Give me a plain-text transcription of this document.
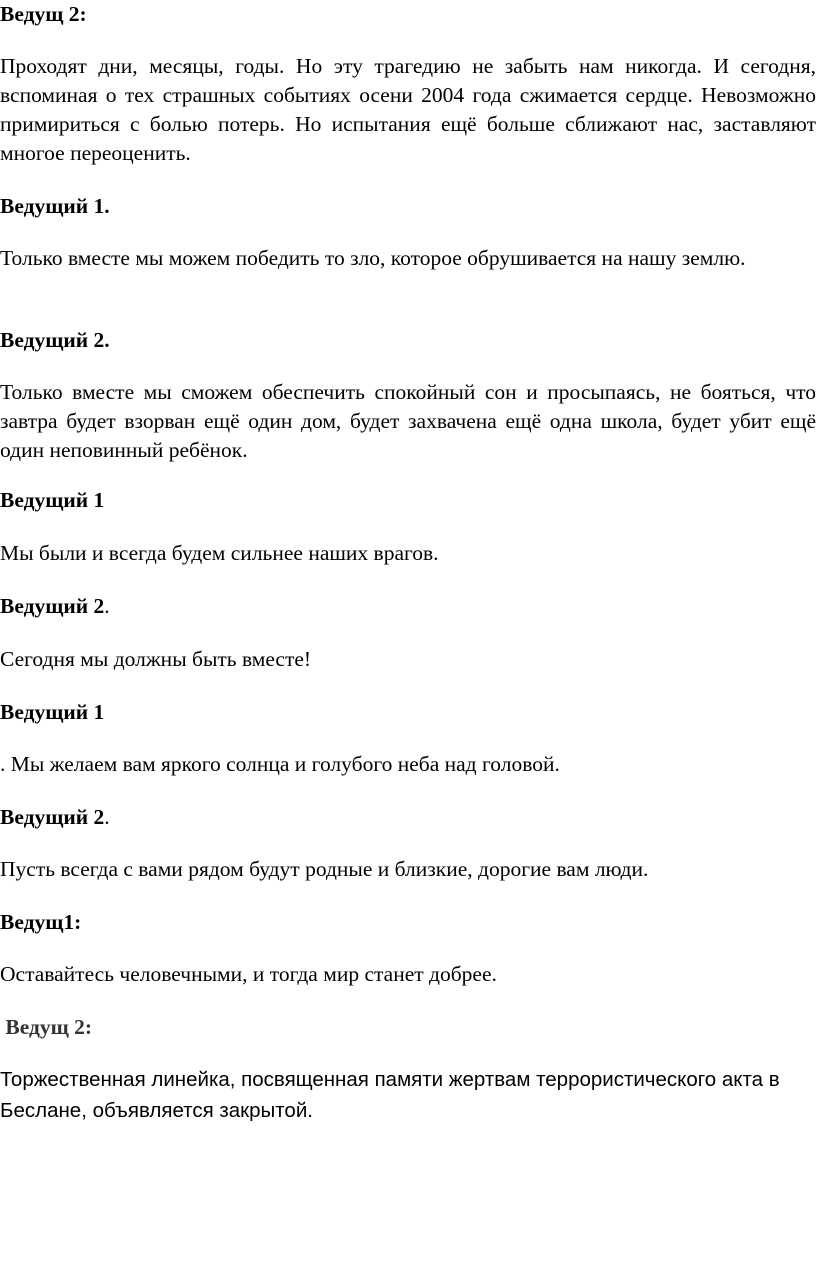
Ведущ 2:

Проходят дни, месяцы, годы. Но эту трагедию не забыть нам никогда. И сегодня, вспоминая о тех страшных событиях осени 2004 года сжимается сердце. Невозможно примириться с болью потерь. Но испытания ещё больше сближают нас, заставляют многое переоценить.

Ведущий 1.

Только вместе мы можем победить то зло, которое обрушивается на нашу землю.

Ведущий 2.

Только вместе мы сможем обеспечить спокойный сон и просыпаясь, не бояться, что завтра будет взорван ещё один дом, будет захвачена ещё одна школа, будет убит ещё один неповинный ребёнок.

Ведущий 1

Мы были и всегда будем сильнее наших врагов.

Ведущий 2.

Сегодня мы должны быть вместе!

Ведущий 1

. Мы желаем вам яркого солнца и голубого неба над головой.

Ведущий 2.

Пусть всегда с вами рядом будут родные и близкие, дорогие вам люди.

Ведущ1:

Оставайтесь человечными, и тогда мир станет добрее.

Ведущ 2:

Торжественная линейка, посвященная памяти жертвам террористического акта в Беслане, объявляется закрытой.
